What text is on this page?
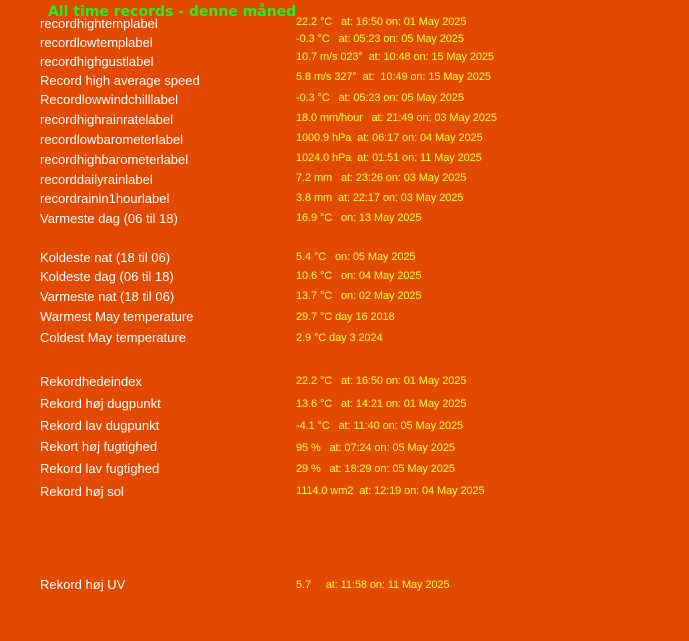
All time records - denne måned
recordhightemplabel	22.2 °C   at: 16:50 on: 01 May 2025
recordlowtemplabel	-0.3 °C   at: 05:23 on: 05 May 2025
recordhighgustlabel	10.7 m/s 023°  at: 10:48 on: 15 May 2025
Record high average speed	5.8 m/s 327°  at:  10:49 on: 15 May 2025
Recordlowwindchilllabel	-0.3 °C   at: 05:23 on: 05 May 2025
recordhighrainratelabel	18.0 mm/hour   at: 21:49 on: 03 May 2025
recordlowbarometerlabel	1000.9 hPa  at: 06:17 on: 04 May 2025
recordhighbarometerlabel	1024.0 hPa  at: 01:51 on: 11 May 2025
recorddailyrainlabel	7.2 mm   at: 23:26 on: 03 May 2025
recordrainin1hourlabel	3.8 mm  at: 22:17 on: 03 May 2025
Varmeste dag (06 til 18)	16.9 °C   on: 13 May 2025
Koldeste nat (18 til 06)	5.4 °C   on: 05 May 2025
Koldeste dag (06 til 18)	10.6 °C   on: 04 May 2025
Varmeste nat (18 til 06)	13.7 °C   on: 02 May 2025
Warmest May temperature	29.7 °C day 16 2018
Coldest May temperature	2.9 °C day 3 2024
Rekordhedeindex	22.2 °C   at: 16:50 on: 01 May 2025
Rekord høj dugpunkt	13.6 °C   at: 14:21 on: 01 May 2025
Rekord lav dugpunkt	-4.1 °C   at: 11:40 on: 05 May 2025
Rekort høj fugtighed	95 %   at: 07:24 on: 05 May 2025
Rekord lav fugtighed	29 %   at: 18:29 on: 05 May 2025
Rekord høj sol	1114.0 wm2  at: 12:19 on: 04 May 2025
Rekord høj UV	5.7     at: 11:58 on: 11 May 2025
